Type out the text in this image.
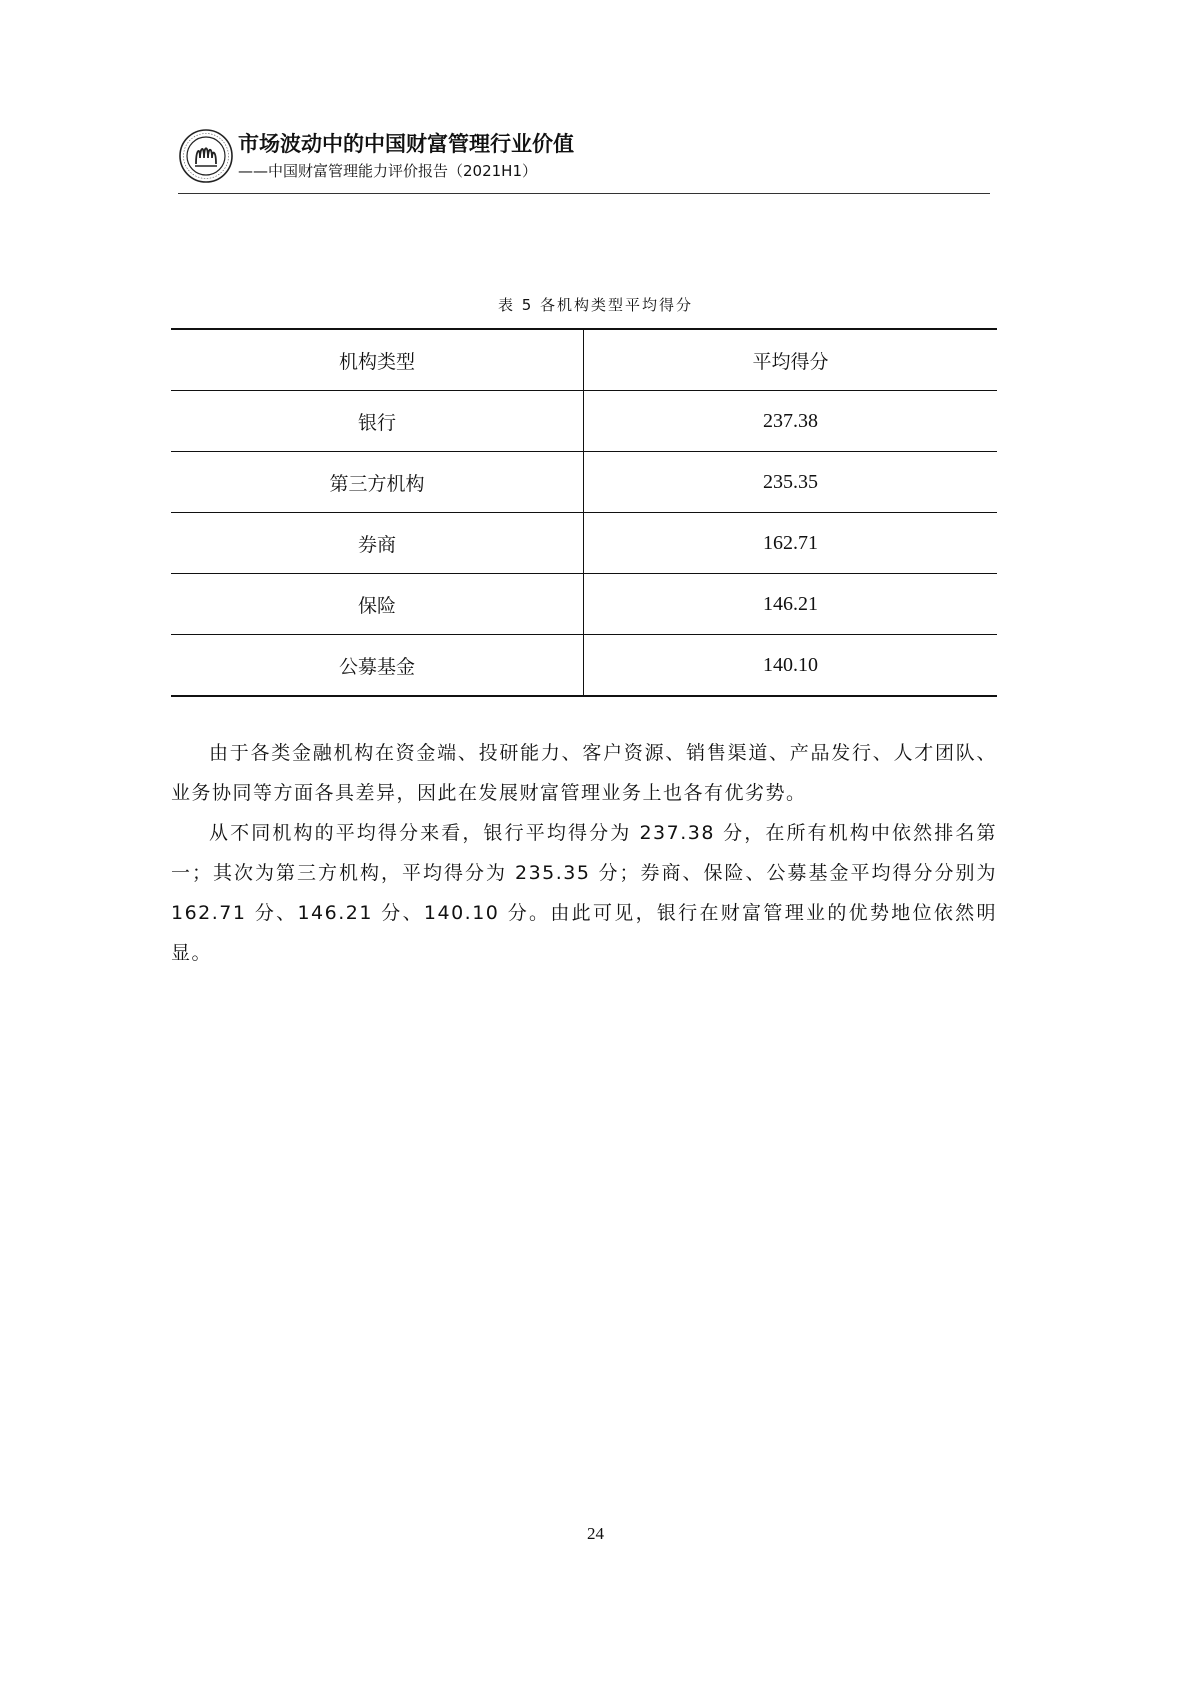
市场波动中的中国财富管理行业价值
——中国财富管理能力评价报告（2021H1）
表 5 各机构类型平均得分
机构类型	平均得分
银行	237.38
第三方机构	235.35
券商	162.71
保险	146.21
公募基金	140.10

由于各类金融机构在资金端、投研能力、客户资源、销售渠道、产品发行、人才团队、业务协同等方面各具差异，因此在发展财富管理业务上也各有优劣势。

从不同机构的平均得分来看，银行平均得分为 237.38 分，在所有机构中依然排名第一；其次为第三方机构，平均得分为 235.35 分；券商、保险、公募基金平均得分分别为 162.71 分、146.21 分、140.10 分。由此可见，银行在财富管理业的优势地位依然明显。

24
